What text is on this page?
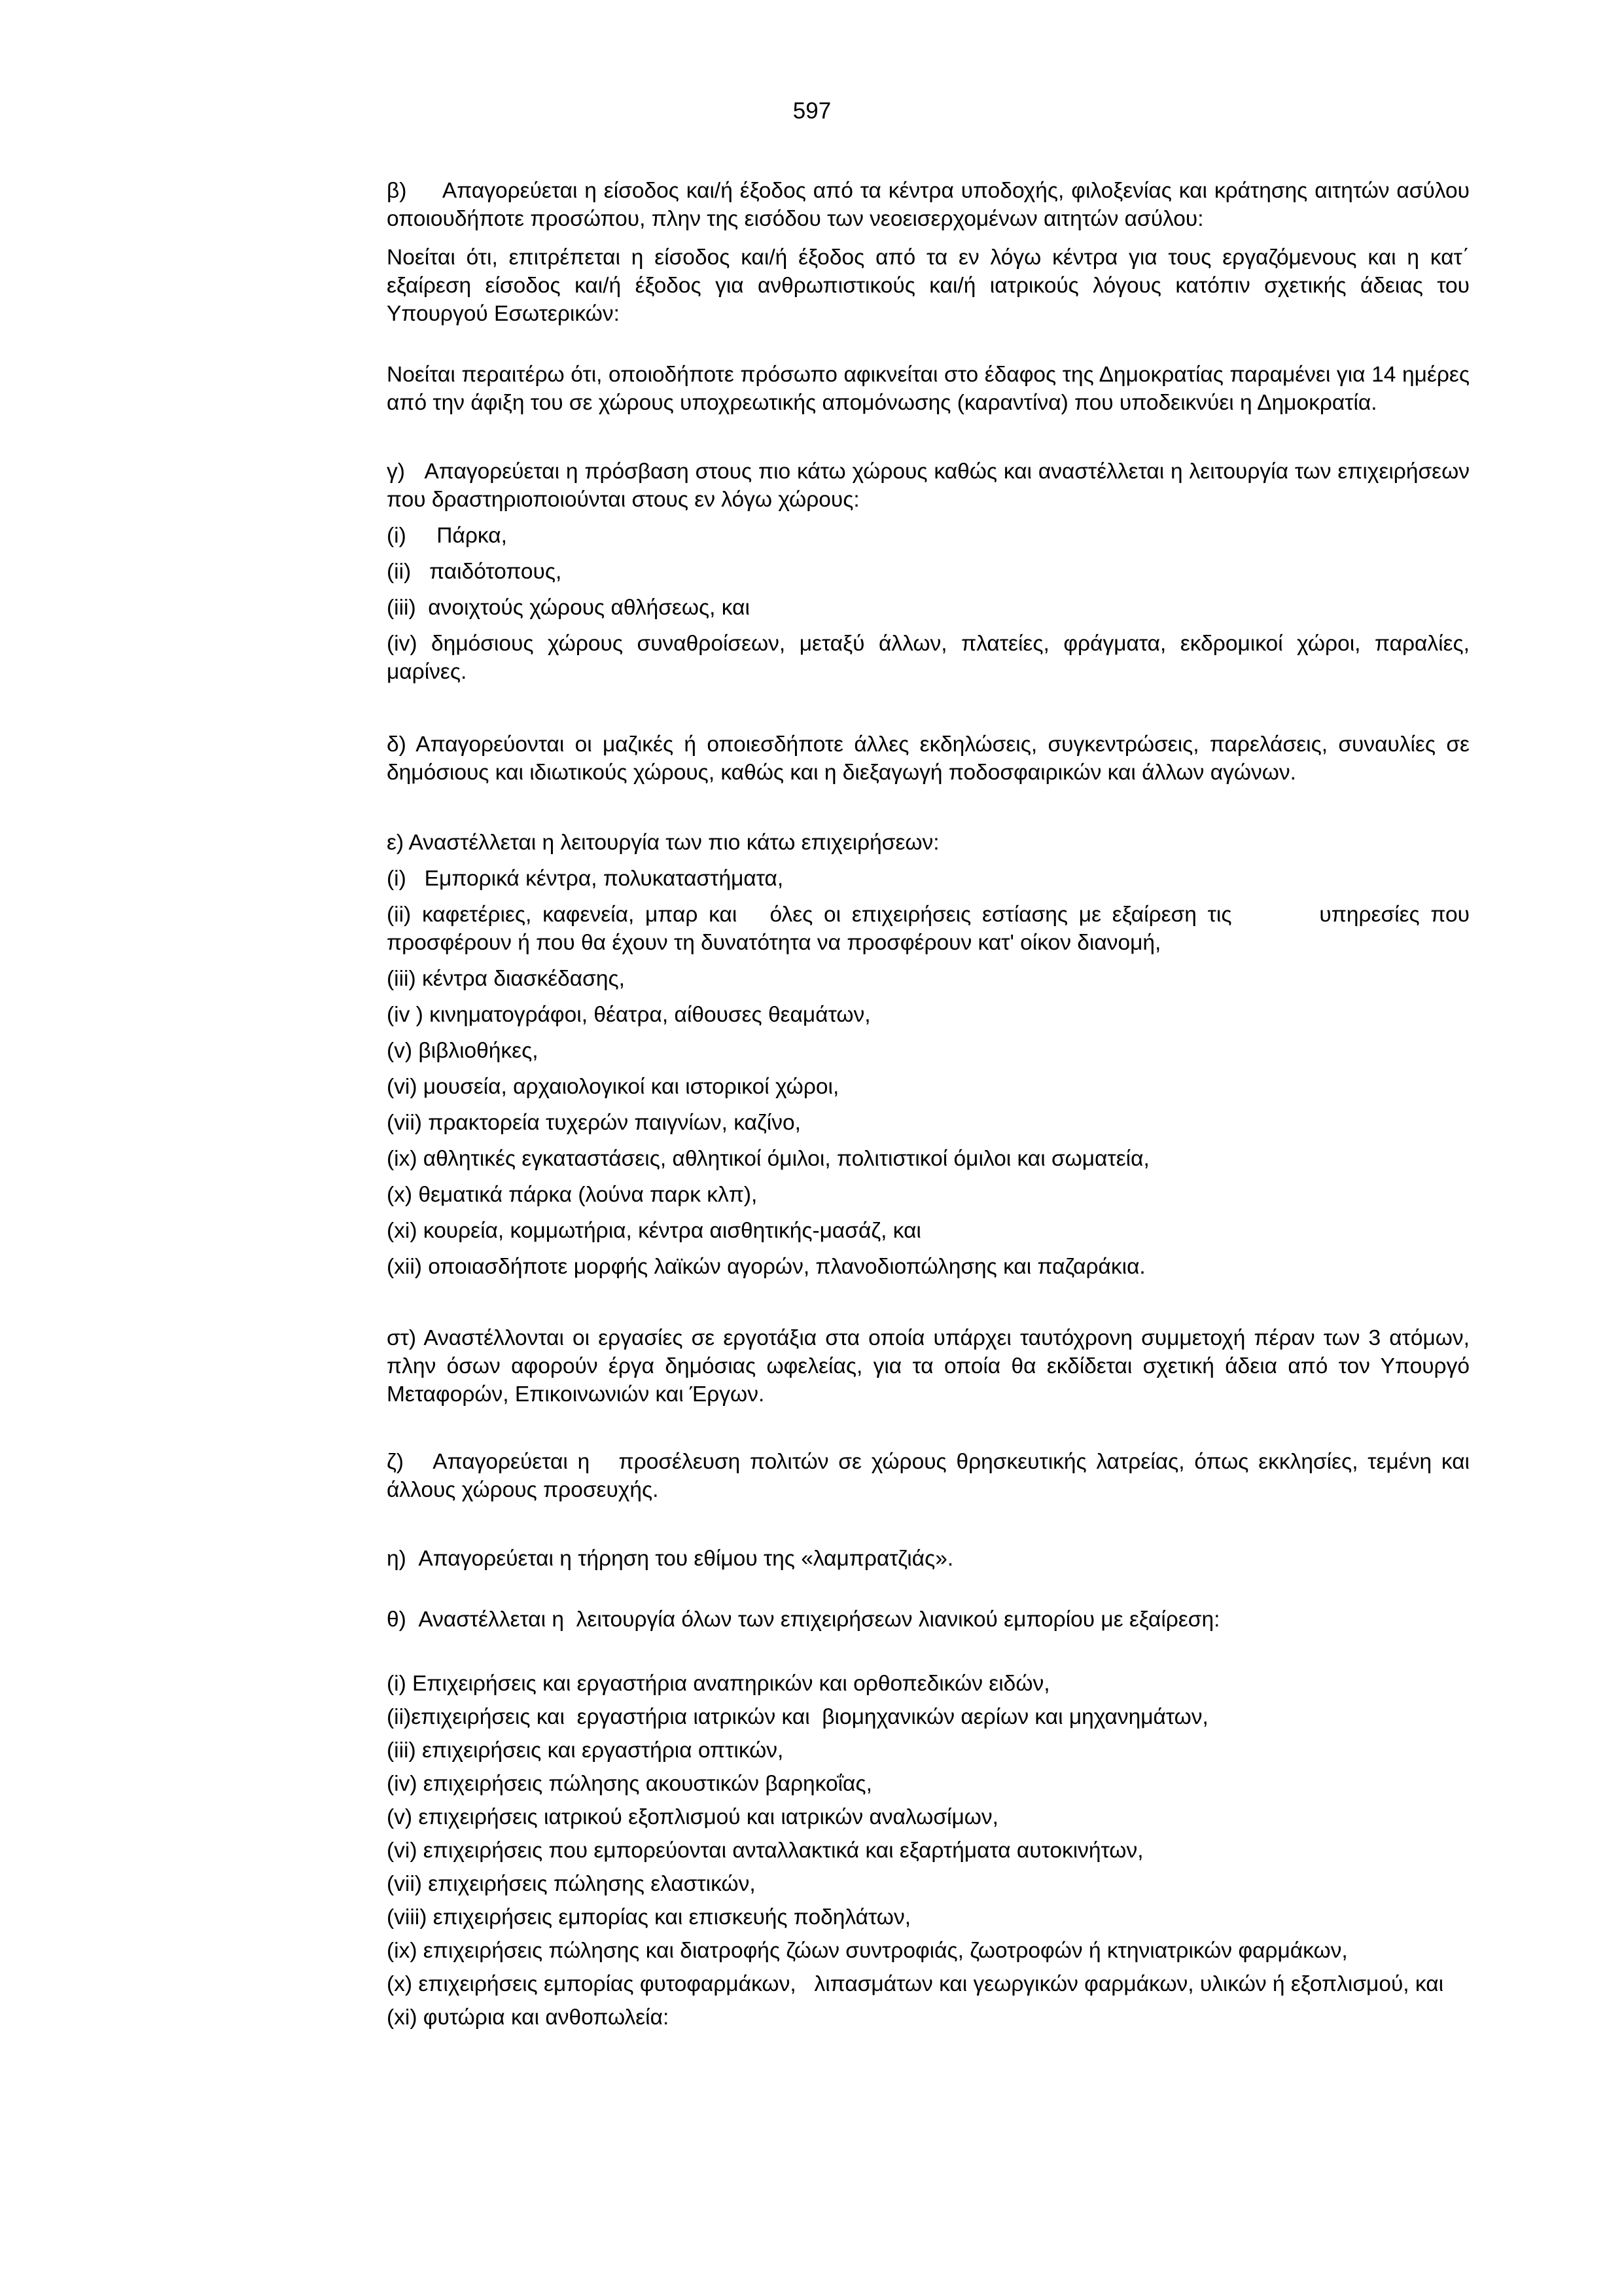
597

β)     Απαγορεύεται η είσοδος και/ή έξοδος από τα κέντρα υποδοχής, φιλοξενίας και κράτησης αιτητών ασύλου οποιουδήποτε προσώπου, πλην της εισόδου των νεοεισερχομένων αιτητών ασύλου:

Νοείται ότι, επιτρέπεται η είσοδος και/ή έξοδος από τα εν λόγω κέντρα για τους εργαζόμενους και η κατ΄ εξαίρεση είσοδος και/ή έξοδος για ανθρωπιστικούς και/ή ιατρικούς λόγους κατόπιν σχετικής άδειας του Υπουργού Εσωτερικών:

Νοείται περαιτέρω ότι, οποιοδήποτε πρόσωπο αφικνείται στο έδαφος της Δημοκρατίας παραμένει για 14 ημέρες από την άφιξη του σε χώρους υποχρεωτικής απομόνωσης (καραντίνα) που υποδεικνύει η Δημοκρατία.

γ)   Απαγορεύεται η πρόσβαση στους πιο κάτω χώρους καθώς και αναστέλλεται η λειτουργία των επιχειρήσεων που δραστηριοποιούνται στους εν λόγω χώρους:

(i)     Πάρκα,

(ii)   παιδότοπους,

(iii)  ανοιχτούς χώρους αθλήσεως, και

(iv) δημόσιους χώρους συναθροίσεων, μεταξύ άλλων, πλατείες, φράγματα, εκδρομικοί χώροι, παραλίες, μαρίνες.

δ) Απαγορεύονται οι μαζικές ή οποιεσδήποτε άλλες εκδηλώσεις, συγκεντρώσεις, παρελάσεις, συναυλίες σε δημόσιους και ιδιωτικούς χώρους, καθώς και η διεξαγωγή ποδοσφαιρικών και άλλων αγώνων.

ε) Αναστέλλεται η λειτουργία των πιο κάτω επιχειρήσεων:

(i)   Εμπορικά κέντρα, πολυκαταστήματα,

(ii) καφετέριες, καφενεία, μπαρ και   όλες οι επιχειρήσεις εστίασης με εξαίρεση τις        υπηρεσίες που προσφέρουν ή που θα έχουν τη δυνατότητα να προσφέρουν κατ' οίκον διανομή,

(iii) κέντρα διασκέδασης,

(iv ) κινηματογράφοι, θέατρα, αίθουσες θεαμάτων,

(v) βιβλιοθήκες,

(vi) μουσεία, αρχαιολογικοί και ιστορικοί χώροι,

(vii) πρακτορεία τυχερών παιγνίων, καζίνο,

(ix) αθλητικές εγκαταστάσεις, αθλητικοί όμιλοι, πολιτιστικοί όμιλοι και σωματεία,

(x) θεματικά πάρκα (λούνα παρκ κλπ),

(xi) κουρεία, κομμωτήρια, κέντρα αισθητικής-μασάζ, και

(xii) οποιασδήποτε μορφής λαϊκών αγορών, πλανοδιοπώλησης και παζαράκια.

στ) Αναστέλλονται οι εργασίες σε εργοτάξια στα οποία υπάρχει ταυτόχρονη συμμετοχή πέραν των 3 ατόμων, πλην όσων αφορούν έργα δημόσιας ωφελείας, για τα οποία θα εκδίδεται σχετική άδεια από τον Υπουργό Μεταφορών, Επικοινωνιών και Έργων.

ζ)   Απαγορεύεται η   προσέλευση πολιτών σε χώρους θρησκευτικής λατρείας, όπως εκκλησίες, τεμένη και άλλους χώρους προσευχής.

η)  Απαγορεύεται η τήρηση του εθίμου της «λαμπρατζιάς».

θ)  Αναστέλλεται η  λειτουργία όλων των επιχειρήσεων λιανικού εμπορίου με εξαίρεση:

(i) Επιχειρήσεις και εργαστήρια αναπηρικών και ορθοπεδικών ειδών,

(ii)επιχειρήσεις και  εργαστήρια ιατρικών και  βιομηχανικών αερίων και μηχανημάτων,

(iii) επιχειρήσεις και εργαστήρια οπτικών,

(iv) επιχειρήσεις πώλησης ακουστικών βαρηκοΐας,

(v) επιχειρήσεις ιατρικού εξοπλισμού και ιατρικών αναλωσίμων,

(vi) επιχειρήσεις που εμπορεύονται ανταλλακτικά και εξαρτήματα αυτοκινήτων,

(vii) επιχειρήσεις πώλησης ελαστικών,

(viii) επιχειρήσεις εμπορίας και επισκευής ποδηλάτων,

(ix) επιχειρήσεις πώλησης και διατροφής ζώων συντροφιάς, ζωοτροφών ή κτηνιατρικών φαρμάκων,

(x) επιχειρήσεις εμπορίας φυτοφαρμάκων,   λιπασμάτων και γεωργικών φαρμάκων, υλικών ή εξοπλισμού, και

(xi) φυτώρια και ανθοπωλεία:
